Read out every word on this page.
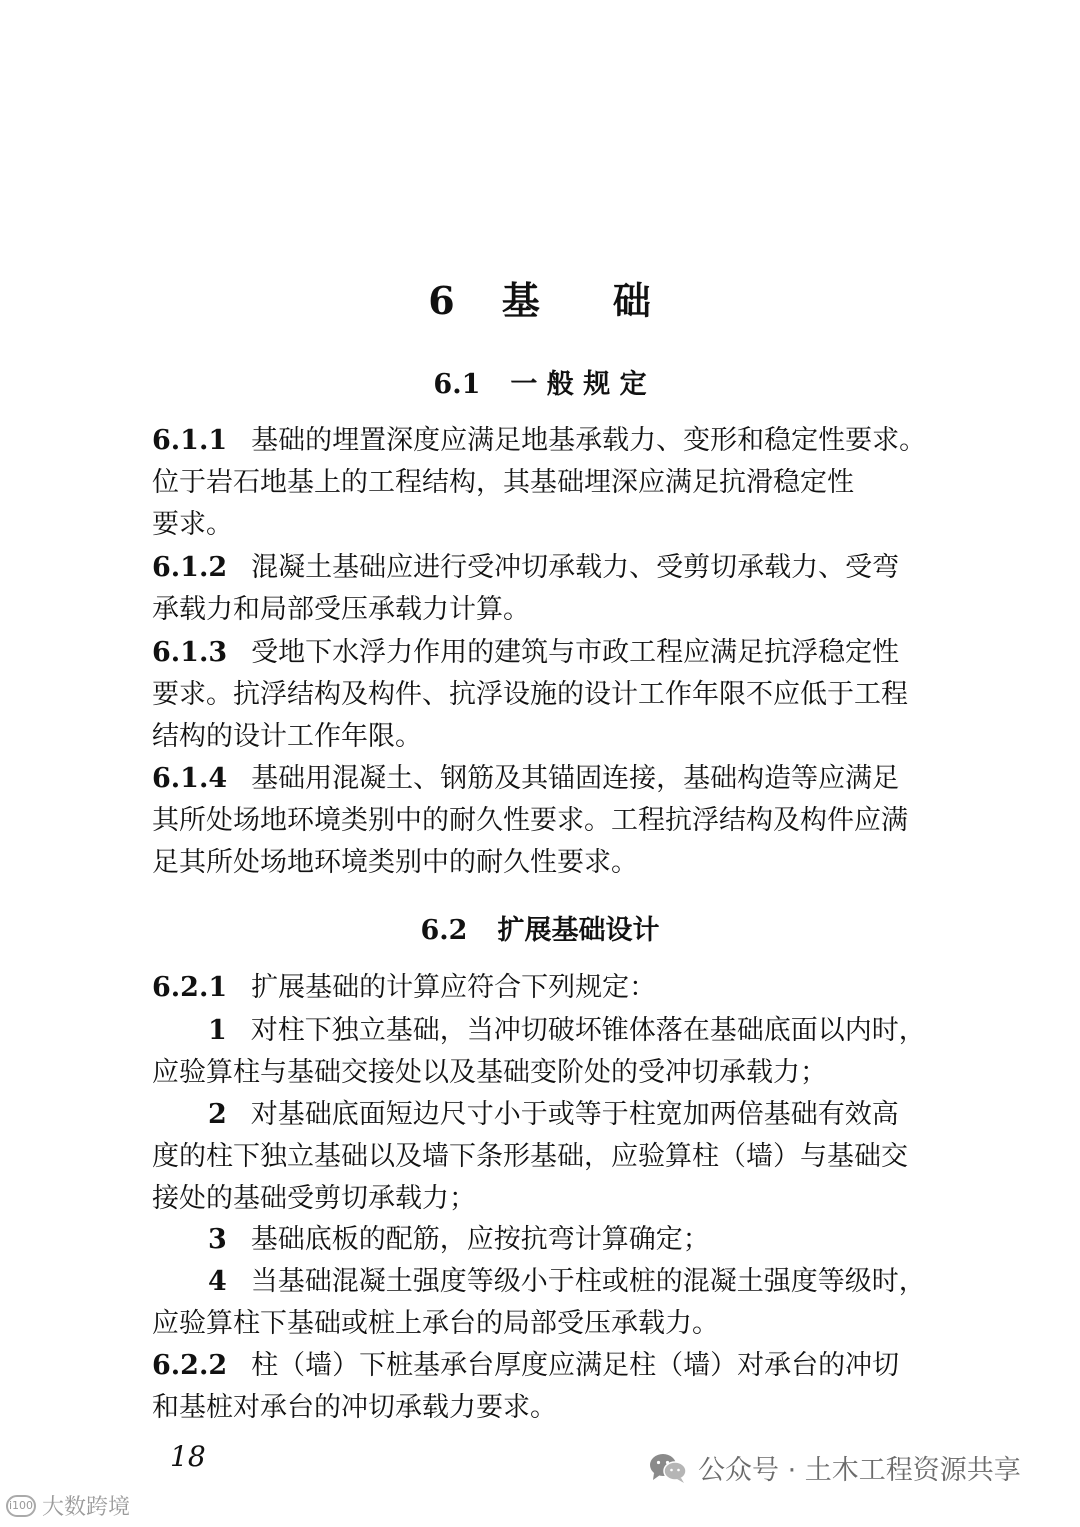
6 基 础
6.1 一 般 规 定
6.1.1 基础的埋置深度应满足地基承载力、变形和稳定性要求。
位于岩石地基上的工程结构，其基础埋深应满足抗滑稳定性
要求。
6.1.2 混凝土基础应进行受冲切承载力、受剪切承载力、受弯
承载力和局部受压承载力计算。
6.1.3 受地下水浮力作用的建筑与市政工程应满足抗浮稳定性
要求。抗浮结构及构件、抗浮设施的设计工作年限不应低于工程
结构的设计工作年限。
6.1.4 基础用混凝土、钢筋及其锚固连接，基础构造等应满足
其所处场地环境类别中的耐久性要求。工程抗浮结构及构件应满
足其所处场地环境类别中的耐久性要求。
6.2 扩展基础设计
6.2.1 扩展基础的计算应符合下列规定：
1 对柱下独立基础，当冲切破坏锥体落在基础底面以内时，
应验算柱与基础交接处以及基础变阶处的受冲切承载力；
2 对基础底面短边尺寸小于或等于柱宽加两倍基础有效高
度的柱下独立基础以及墙下条形基础，应验算柱（墙）与基础交
接处的基础受剪切承载力；
3 基础底板的配筋，应按抗弯计算确定；
4 当基础混凝土强度等级小于柱或桩的混凝土强度等级时，
应验算柱下基础或桩上承台的局部受压承载力。
6.2.2 柱（墙）下桩基承台厚度应满足柱（墙）对承台的冲切
和基桩对承台的冲切承载力要求。
18	公众号 · 土木工程资源共享
i100 大数跨境
